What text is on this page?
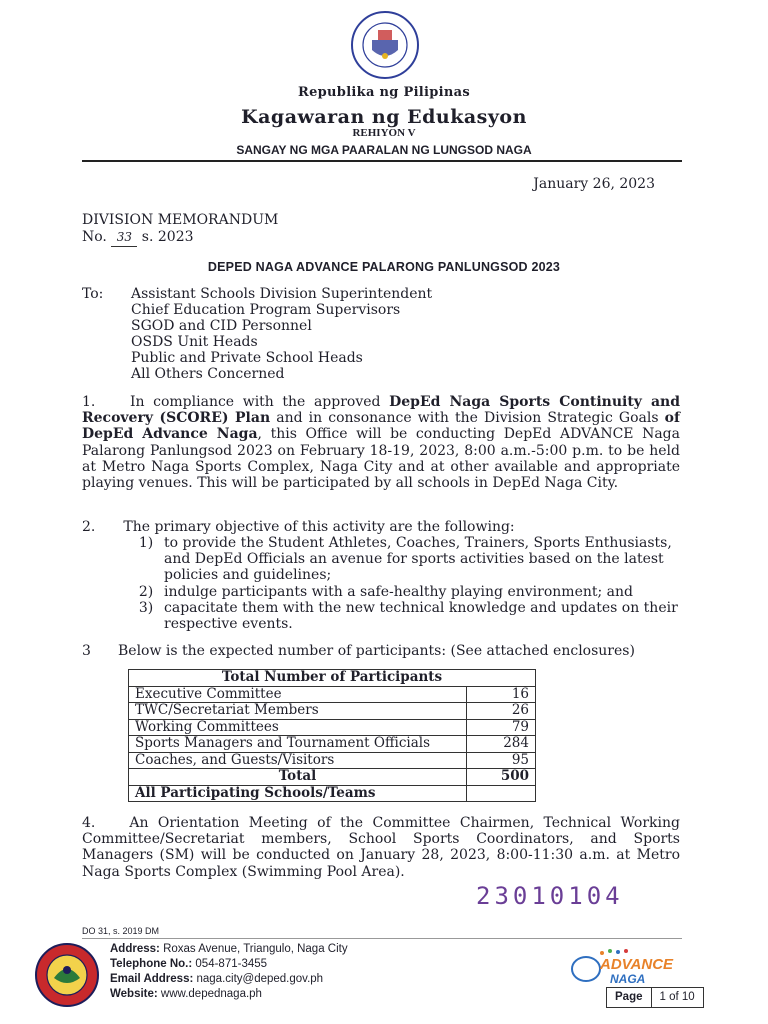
Republika ng Pilipinas
Kagawaran ng Edukasyon
REHIYON V
SANGAY NG MGA PAARALAN NG LUNGSOD NAGA
January 26, 2023
DIVISION MEMORANDUM
No. 33 s. 2023
DEPED NAGA ADVANCE PALARONG PANLUNGSOD 2023
To: Assistant Schools Division Superintendent
Chief Education Program Supervisors
SGOD and CID Personnel
OSDS Unit Heads
Public and Private School Heads
All Others Concerned
1. In compliance with the approved DepEd Naga Sports Continuity and Recovery (SCORE) Plan and in consonance with the Division Strategic Goals of DepEd Advance Naga, this Office will be conducting DepEd ADVANCE Naga Palarong Panlungsod 2023 on February 18-19, 2023, 8:00 a.m.-5:00 p.m. to be held at Metro Naga Sports Complex, Naga City and at other available and appropriate playing venues. This will be participated by all schools in DepEd Naga City.
2. The primary objective of this activity are the following:
1) to provide the Student Athletes, Coaches, Trainers, Sports Enthusiasts, and DepEd Officials an avenue for sports activities based on the latest policies and guidelines;
2) indulge participants with a safe-healthy playing environment; and
3) capacitate them with the new technical knowledge and updates on their respective events.
3 Below is the expected number of participants: (See attached enclosures)
Total Number of Participants	
Executive Committee	16
TWC/Secretariat Members	26
Working Committees	79
Sports Managers and Tournament Officials	284
Coaches, and Guests/Visitors	95
Total	500
All Participating Schools/Teams	
4. An Orientation Meeting of the Committee Chairmen, Technical Working Committee/Secretariat members, School Sports Coordinators, and Sports Managers (SM) will be conducted on January 28, 2023, 8:00-11:30 a.m. at Metro Naga Sports Complex (Swimming Pool Area).
23010104
DO 31, s. 2019 DM
Address: Roxas Avenue, Triangulo, Naga City
Telephone No.: 054-871-3455
Email Address: naga.city@deped.gov.ph
Website: www.depednaga.ph
ADVANCE
NAGA
Page	1 of 10
